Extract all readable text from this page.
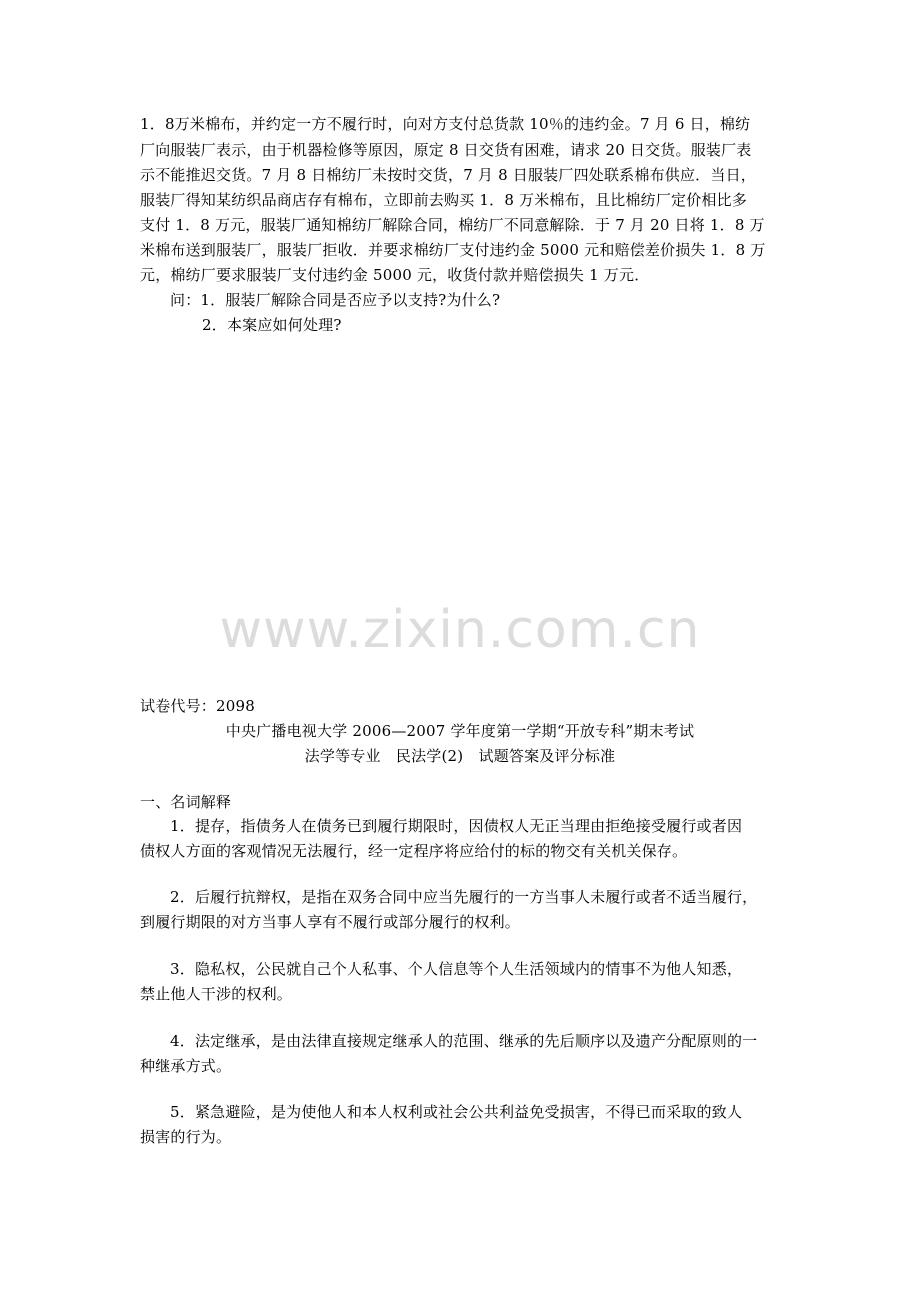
1．8万米棉布，并约定一方不履行时，向对方支付总货款 10％的违约金。7 月 6 日，棉纺
厂向服装厂表示，由于机器检修等原因，原定 8 日交货有困难，请求 20 日交货。服装厂表
示不能推迟交货。7 月 8 日棉纺厂未按时交货，7 月 8 日服装厂四处联系棉布供应．当日，
服装厂得知某纺织品商店存有棉布，立即前去购买 1．8 万米棉布，且比棉纺厂定价相比多
支付 1．8 万元，服装厂通知棉纺厂解除合同，棉纺厂不同意解除．于 7 月 20 日将 1．8 万
米棉布送到服装厂，服装厂拒收．并要求棉纺厂支付违约金 5000 元和赔偿差价损失 1．8 万
元，棉纺厂要求服装厂支付违约金 5000 元，收货付款并赔偿损失 1 万元．
问：1．服装厂解除合同是否应予以支持?为什么?
2．本案应如何处理?
www.zixin.com.cn
试卷代号：2098
中央广播电视大学 2006—2007 学年度第一学期“开放专科”期末考试
法学等专业　民法学(2)　试题答案及评分标准
一、名词解释
1．提存，指债务人在债务已到履行期限时，因债权人无正当理由拒绝接受履行或者因
债权人方面的客观情况无法履行，经一定程序将应给付的标的物交有关机关保存。
2．后履行抗辩权，是指在双务合同中应当先履行的一方当事人未履行或者不适当履行，
到履行期限的对方当事人享有不履行或部分履行的权利。
3．隐私权，公民就自己个人私事、个人信息等个人生活领域内的情事不为他人知悉，
禁止他人干涉的权利。
4．法定继承，是由法律直接规定继承人的范围、继承的先后顺序以及遗产分配原则的一
种继承方式。
5．紧急避险，是为使他人和本人权利或社会公共利益免受损害，不得已而采取的致人
损害的行为。
